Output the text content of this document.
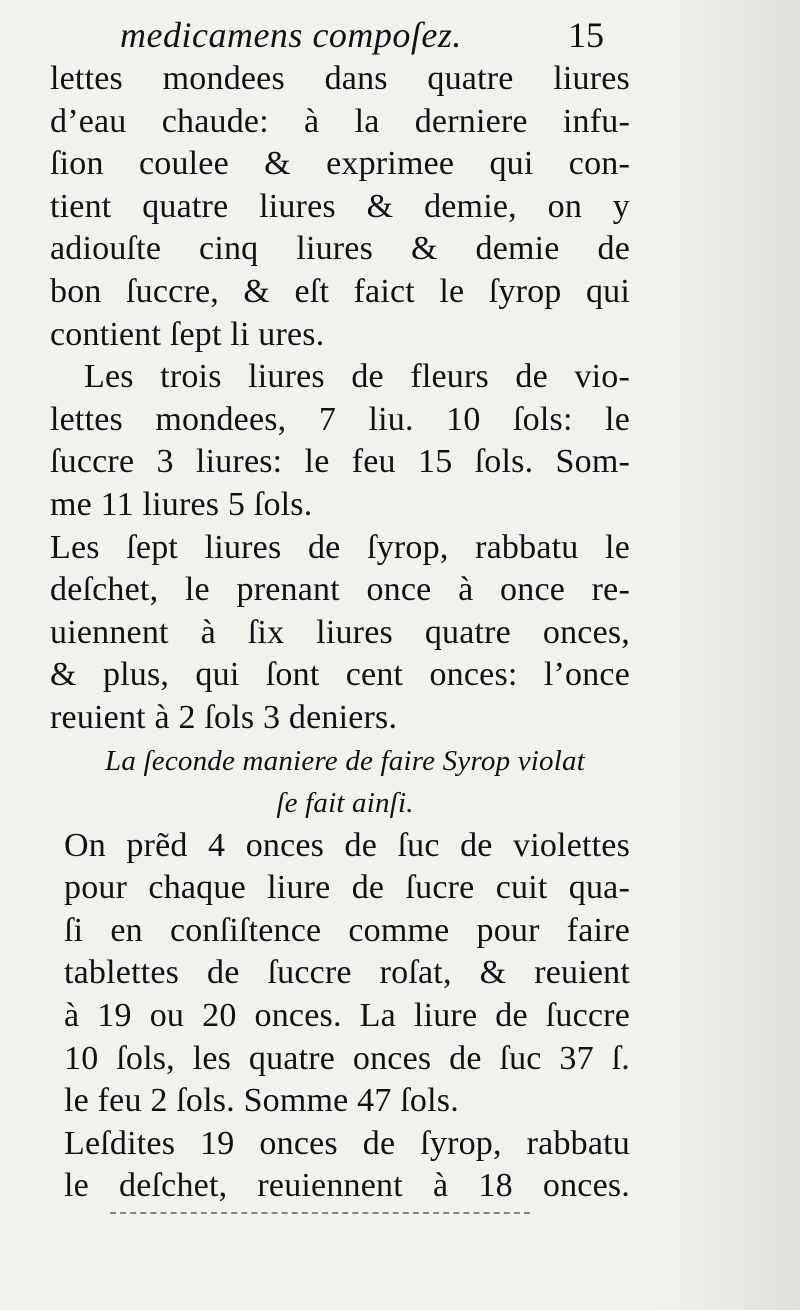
medicamens compoſez.	15
lettes mondees dans quatre liures
d’eau chaude: à la derniere infu-
ſion coulee & exprimee qui con-
tient quatre liures & demie, on y
adiouſte cinq liures & demie de
bon ſuccre, & eſt faict le ſyrop qui
contient ſept li ures.
Les trois liures de fleurs de vio-
lettes mondees, 7 liu. 10 ſols: le
ſuccre 3 liures: le feu 15 ſols. Som-
me 11 liures 5 ſols.
Les ſept liures de ſyrop, rabbatu le
deſchet, le prenant once à once re-
uiennent à ſix liures quatre onces,
& plus, qui ſont cent onces: l’once
reuient à 2 ſols 3 deniers.
La ſeconde maniere de faire Syrop violat
ſe fait ainſi.
On prẽd 4 onces de ſuc de violettes
pour chaque liure de ſucre cuit qua-
ſi en conſiſtence comme pour faire
tablettes de ſuccre roſat, & reuient
à 19 ou 20 onces. La liure de ſuccre
10 ſols, les quatre onces de ſuc 37 ſ.
le feu 2 ſols. Somme 47 ſols.
Leſdites 19 onces de ſyrop, rabbatu
le deſchet, reuiennent à 18 onces.
